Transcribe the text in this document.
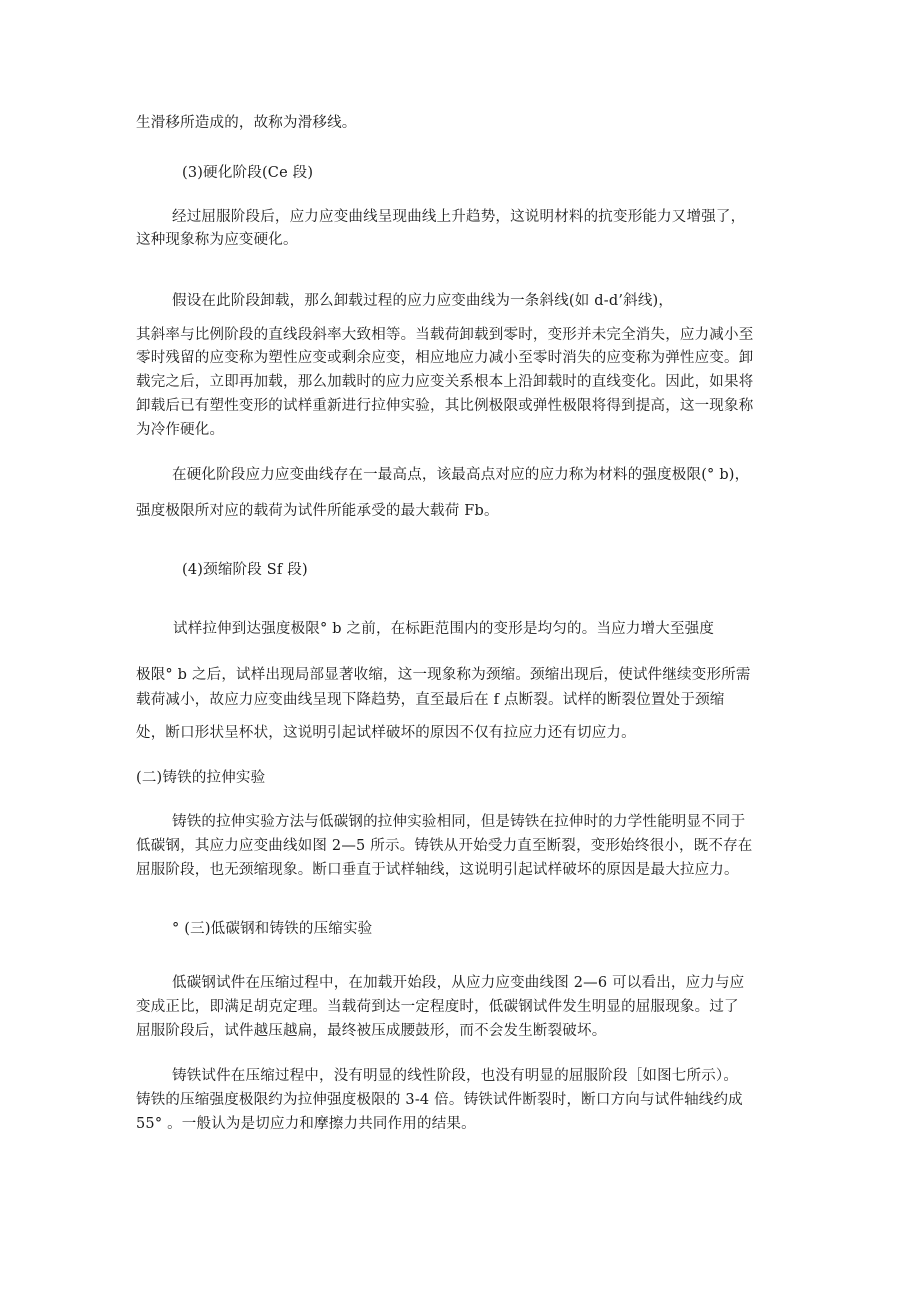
生滑移所造成的，故称为滑移线。
(3)硬化阶段(Ce 段)
经过屈服阶段后，应力应变曲线呈现曲线上升趋势，这说明材料的抗变形能力又增强了，
这种现象称为应变硬化。
假设在此阶段卸载，那么卸载过程的应力应变曲线为一条斜线(如 d-d’斜线)，
其斜率与比例阶段的直线段斜率大致相等。当载荷卸载到零时，变形并未完全消失，应力减小至
零时残留的应变称为塑性应变或剩余应变，相应地应力减小至零时消失的应变称为弹性应变。卸
载完之后，立即再加载，那么加载时的应力应变关系根本上沿卸载时的直线变化。因此，如果将
卸载后已有塑性变形的试样重新进行拉伸实验，其比例极限或弹性极限将得到提高，这一现象称
为冷作硬化。
在硬化阶段应力应变曲线存在一最高点，该最高点对应的应力称为材料的强度极限(° b)，
强度极限所对应的载荷为试件所能承受的最大载荷 Fb。
(4)颈缩阶段 Sf 段)
试样拉伸到达强度极限° b 之前，在标距范围内的变形是均匀的。当应力增大至强度
极限° b 之后，试样出现局部显著收缩，这一现象称为颈缩。颈缩出现后，使试件继续变形所需
载荷减小，故应力应变曲线呈现下降趋势，直至最后在 f 点断裂。试样的断裂位置处于颈缩
处，断口形状呈杯状，这说明引起试样破坏的原因不仅有拉应力还有切应力。
(二)铸铁的拉伸实验
铸铁的拉伸实验方法与低碳钢的拉伸实验相同，但是铸铁在拉伸时的力学性能明显不同于
低碳钢，其应力应变曲线如图 2—5 所示。铸铁从开始受力直至断裂，变形始终很小，既不存在
屈服阶段，也无颈缩现象。断口垂直于试样轴线，这说明引起试样破坏的原因是最大拉应力。
° (三)低碳钢和铸铁的压缩实验
低碳钢试件在压缩过程中，在加载开始段，从应力应变曲线图 2—6 可以看出，应力与应
变成正比，即满足胡克定理。当载荷到达一定程度时，低碳钢试件发生明显的屈服现象。过了
屈服阶段后，试件越压越扁，最终被压成腰鼓形，而不会发生断裂破坏。
铸铁试件在压缩过程中，没有明显的线性阶段，也没有明显的屈服阶段［如图七所示）。
铸铁的压缩强度极限约为拉伸强度极限的 3-4 倍。铸铁试件断裂时，断口方向与试件轴线约成
55° 。一般认为是切应力和摩擦力共同作用的结果。
